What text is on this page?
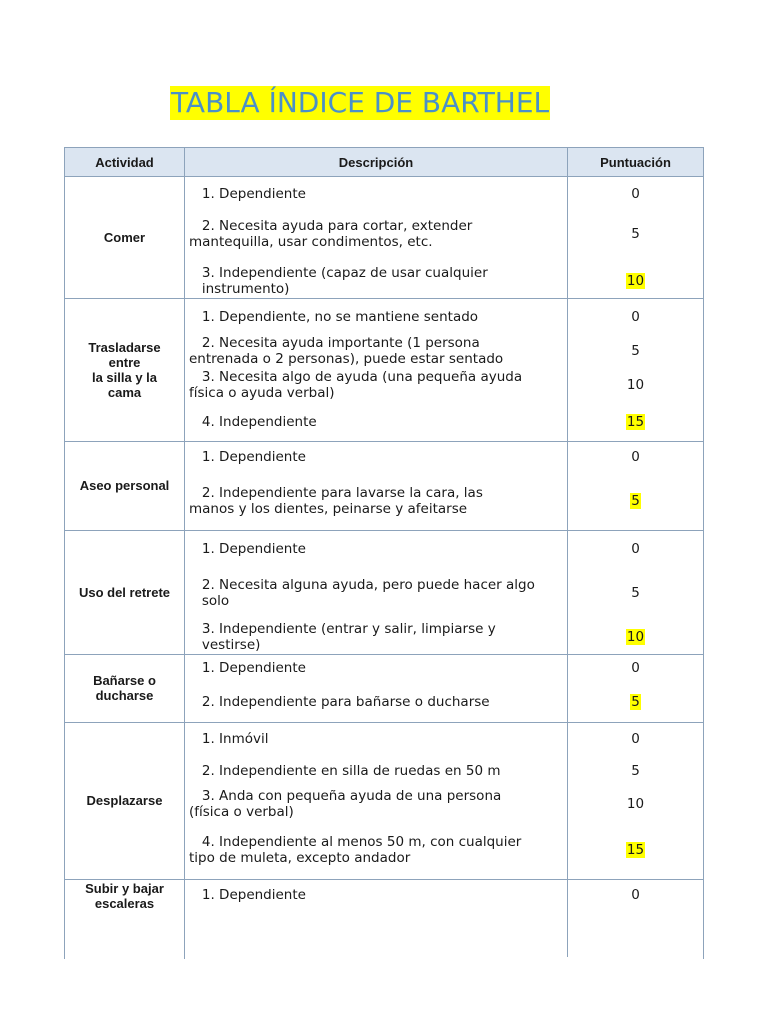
TABLA ÍNDICE DE BARTHEL
Actividad	Descripción	Puntuación
Comer
1. Dependiente	0
2. Necesita ayuda para cortar, extender
mantequilla, usar condimentos, etc.	5
3. Independiente (capaz de usar cualquier
instrumento)	10
Trasladarse
entre
la silla y la
cama
1. Dependiente, no se mantiene sentado	0
2. Necesita ayuda importante (1 persona
entrenada o 2 personas), puede estar sentado	5
3. Necesita algo de ayuda (una pequeña ayuda
física o ayuda verbal)	10
4. Independiente	15
Aseo personal
1. Dependiente	0
2. Independiente para lavarse la cara, las
manos y los dientes, peinarse y afeitarse	5
Uso del retrete
1. Dependiente	0
2. Necesita alguna ayuda, pero puede hacer algo
solo	5
3. Independiente (entrar y salir, limpiarse y
vestirse)	10
Bañarse o
ducharse
1. Dependiente	0
2. Independiente para bañarse o ducharse	5
Desplazarse
1. Inmóvil	0
2. Independiente en silla de ruedas en 50 m	5
3. Anda con pequeña ayuda de una persona
(física o verbal)	10
4. Independiente al menos 50 m, con cualquier
tipo de muleta, excepto andador	15
Subir y bajar
escaleras
1. Dependiente	0
